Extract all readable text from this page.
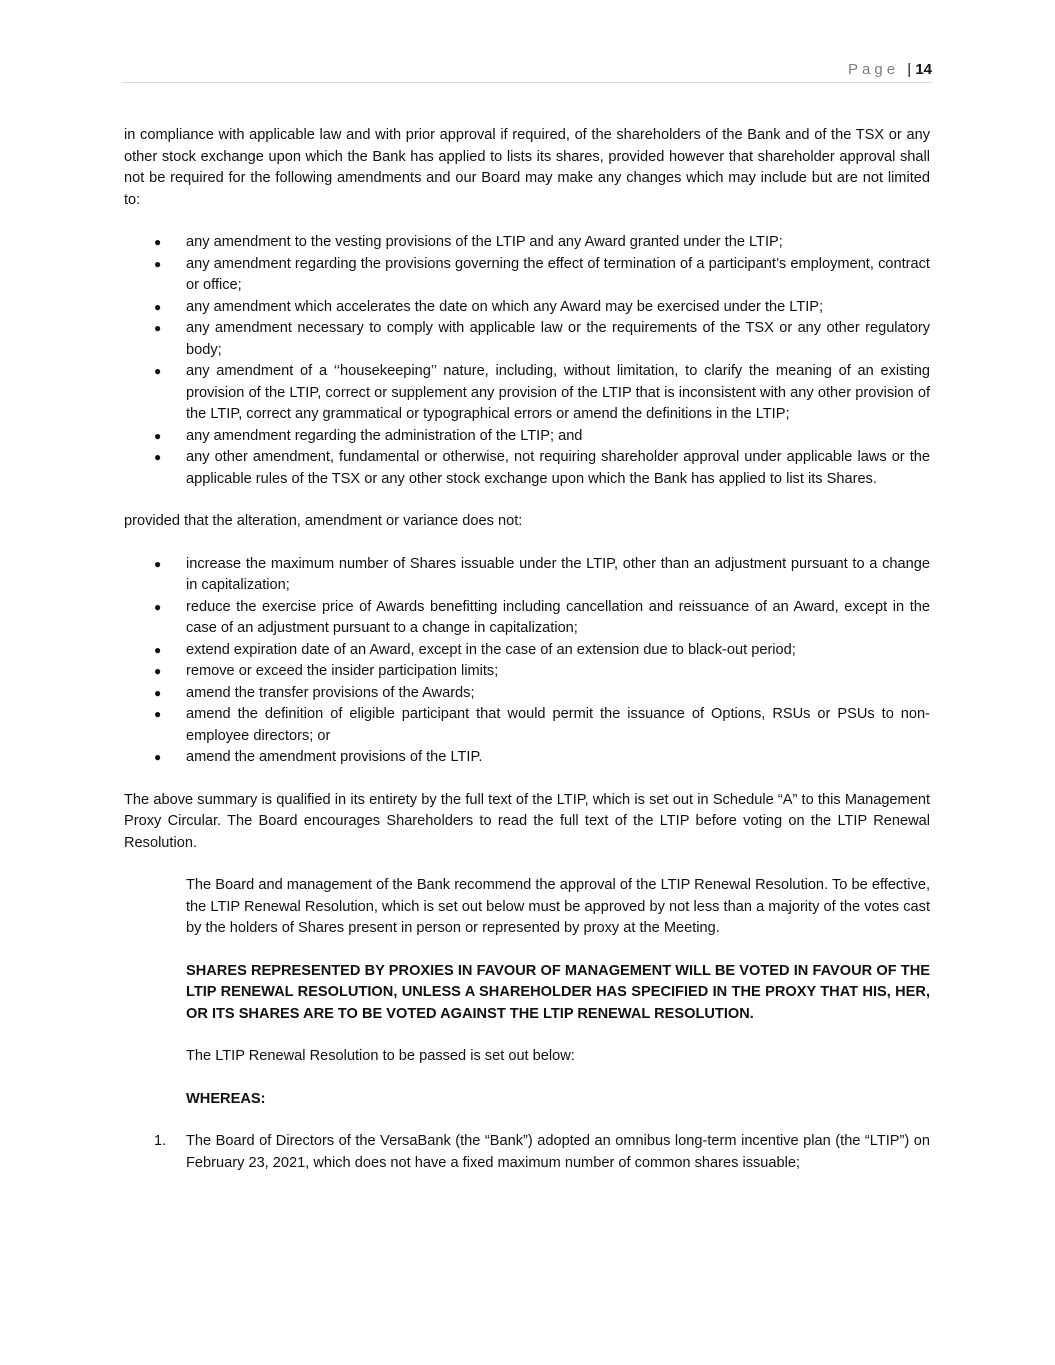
Page | 14

in compliance with applicable law and with prior approval if required, of the shareholders of the Bank and of the TSX or any other stock exchange upon which the Bank has applied to lists its shares, provided however that shareholder approval shall not be required for the following amendments and our Board may make any changes which may include but are not limited to:

● any amendment to the vesting provisions of the LTIP and any Award granted under the LTIP;
● any amendment regarding the provisions governing the effect of termination of a participant’s employment, contract or office;
● any amendment which accelerates the date on which any Award may be exercised under the LTIP;
● any amendment necessary to comply with applicable law or the requirements of the TSX or any other regulatory body;
● any amendment of a ‘‘housekeeping’’ nature, including, without limitation, to clarify the meaning of an existing provision of the LTIP, correct or supplement any provision of the LTIP that is inconsistent with any other provision of the LTIP, correct any grammatical or typographical errors or amend the definitions in the LTIP;
● any amendment regarding the administration of the LTIP; and
● any other amendment, fundamental or otherwise, not requiring shareholder approval under applicable laws or the applicable rules of the TSX or any other stock exchange upon which the Bank has applied to list its Shares.

provided that the alteration, amendment or variance does not:

● increase the maximum number of Shares issuable under the LTIP, other than an adjustment pursuant to a change in capitalization;
● reduce the exercise price of Awards benefitting including cancellation and reissuance of an Award, except in the case of an adjustment pursuant to a change in capitalization;
● extend expiration date of an Award, except in the case of an extension due to black-out period;
● remove or exceed the insider participation limits;
● amend the transfer provisions of the Awards;
● amend the definition of eligible participant that would permit the issuance of Options, RSUs or PSUs to non-employee directors; or
● amend the amendment provisions of the LTIP.

The above summary is qualified in its entirety by the full text of the LTIP, which is set out in Schedule “A” to this Management Proxy Circular. The Board encourages Shareholders to read the full text of the LTIP before voting on the LTIP Renewal Resolution.

The Board and management of the Bank recommend the approval of the LTIP Renewal Resolution. To be effective, the LTIP Renewal Resolution, which is set out below must be approved by not less than a majority of the votes cast by the holders of Shares present in person or represented by proxy at the Meeting.

SHARES REPRESENTED BY PROXIES IN FAVOUR OF MANAGEMENT WILL BE VOTED IN FAVOUR OF THE LTIP RENEWAL RESOLUTION, UNLESS A SHAREHOLDER HAS SPECIFIED IN THE PROXY THAT HIS, HER, OR ITS SHARES ARE TO BE VOTED AGAINST THE LTIP RENEWAL RESOLUTION.

The LTIP Renewal Resolution to be passed is set out below:

WHEREAS:

1. The Board of Directors of the VersaBank (the “Bank”) adopted an omnibus long-term incentive plan (the “LTIP”) on February 23, 2021, which does not have a fixed maximum number of common shares issuable;
